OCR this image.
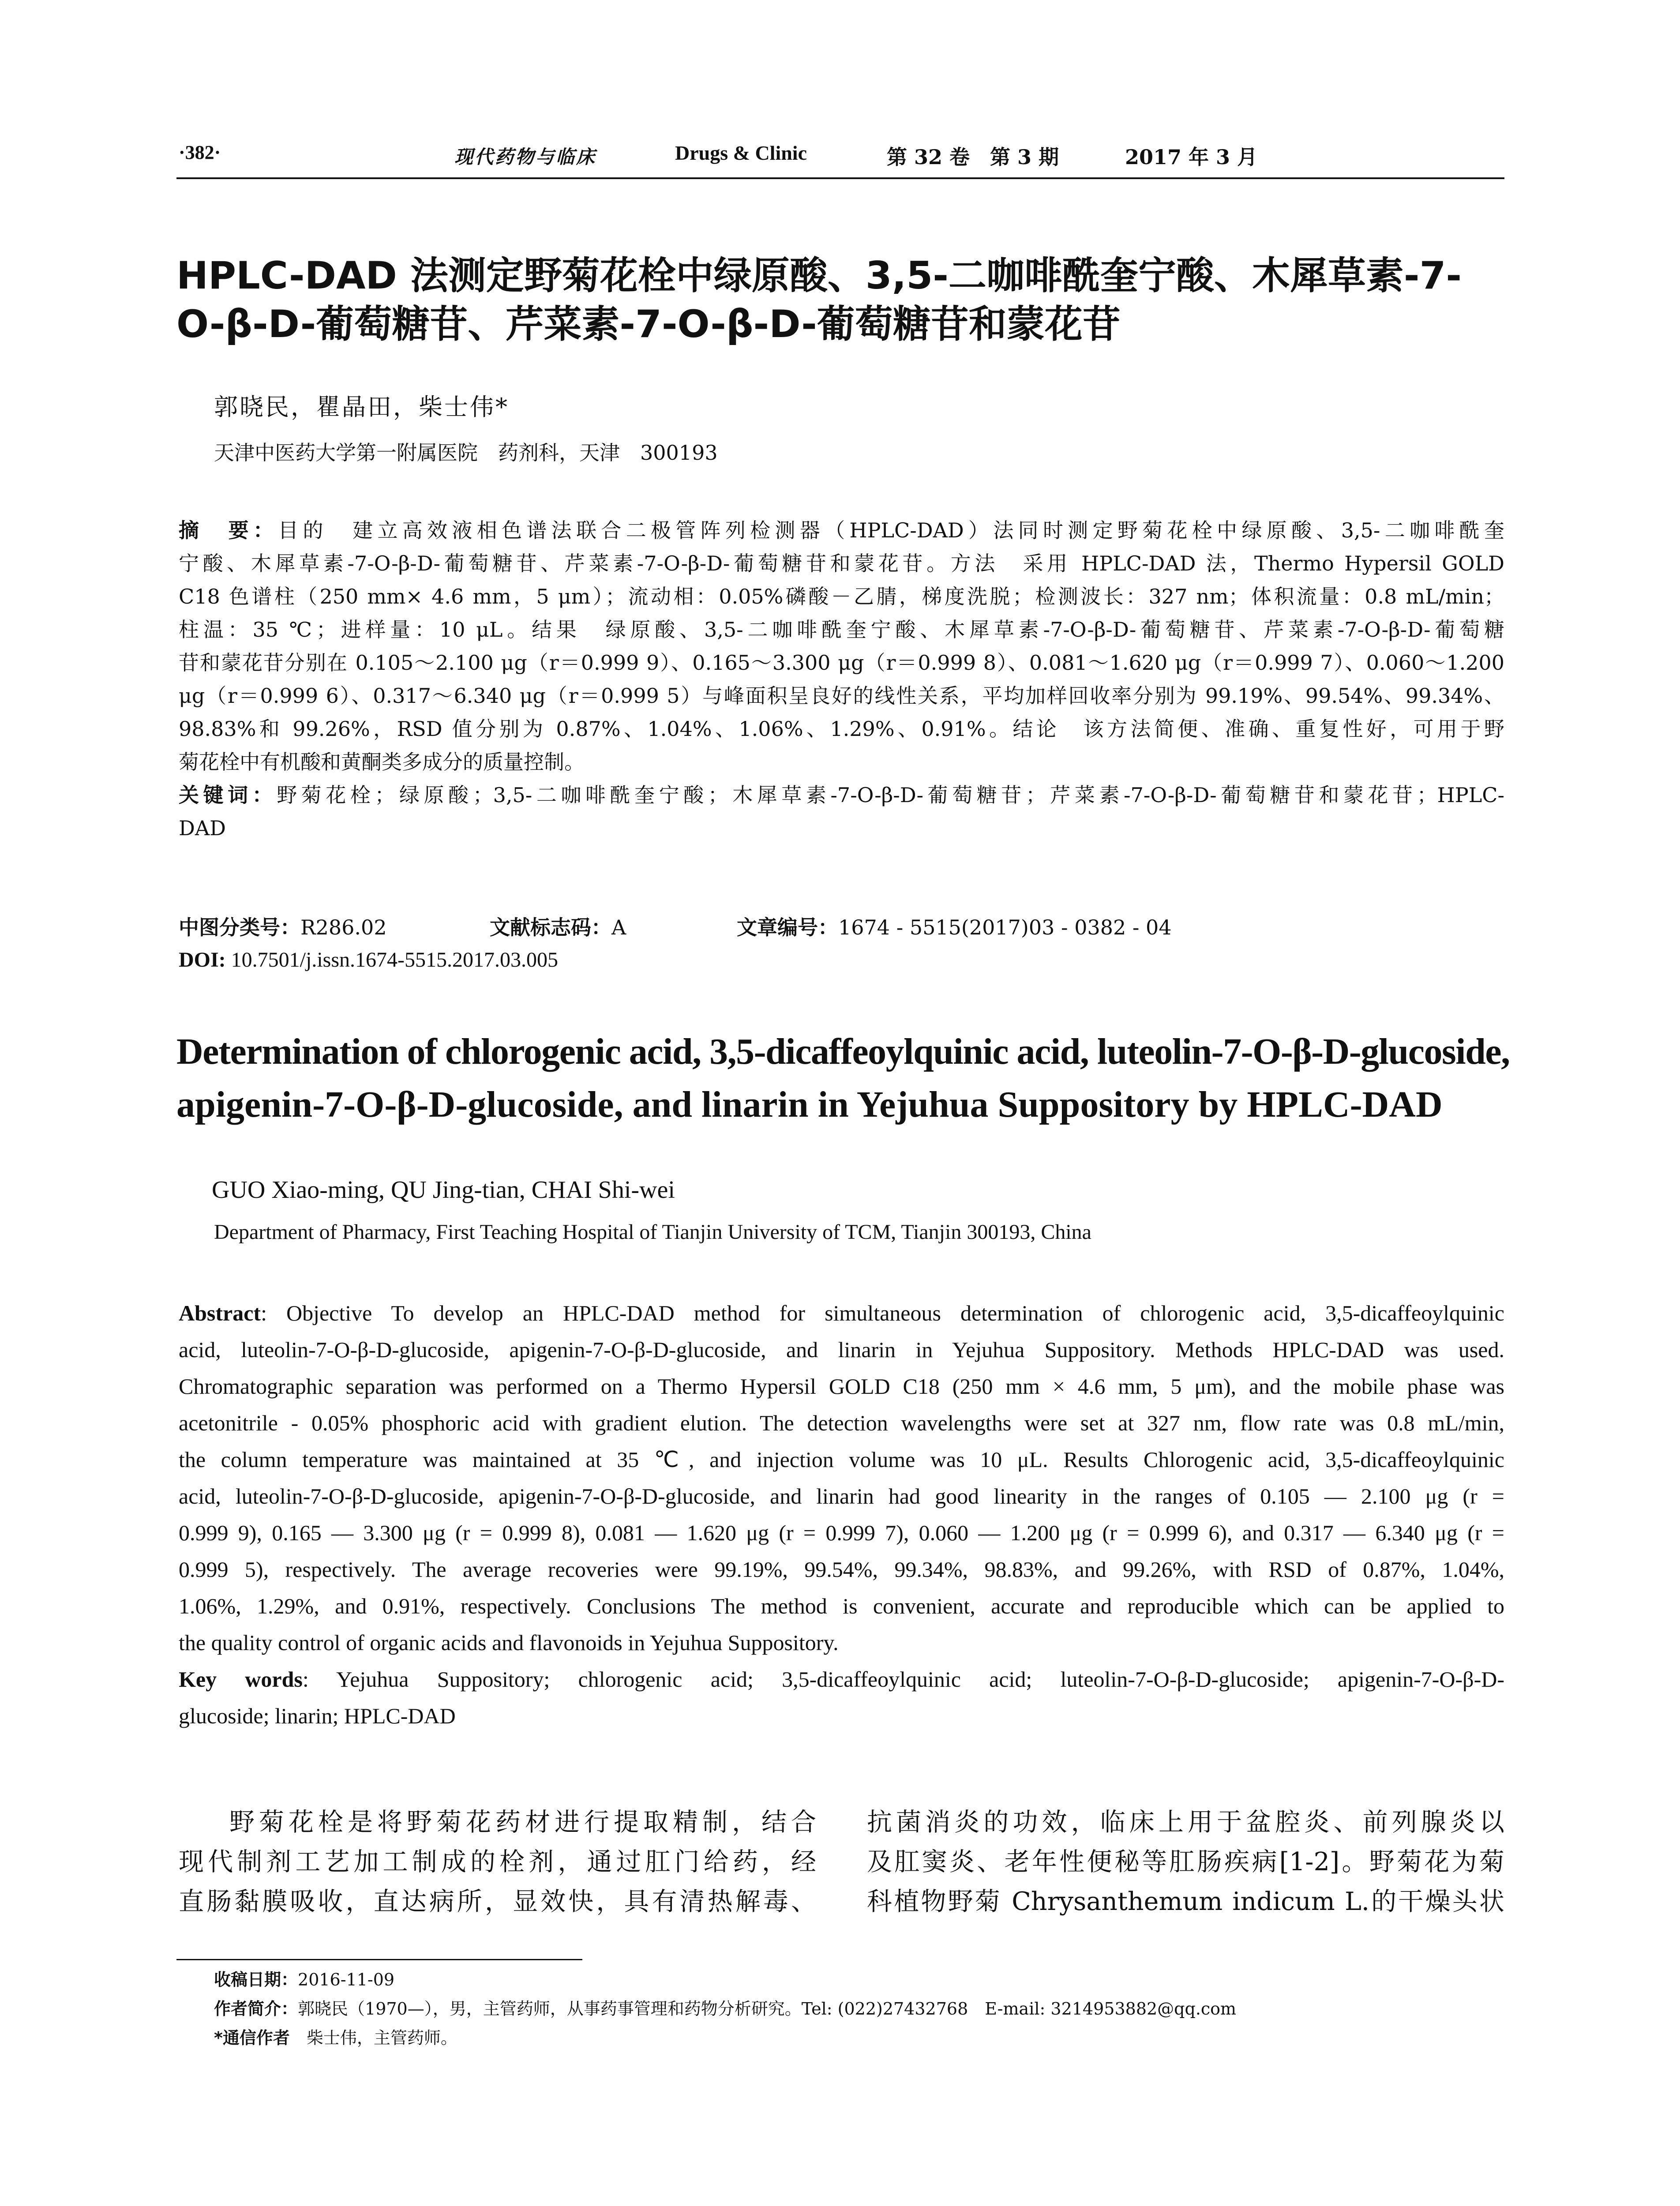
·382·	现代药物与临床	Drugs & Clinic	第 32 卷　第 3 期	2017 年 3 月
HPLC-DAD 法测定野菊花栓中绿原酸、3,5-二咖啡酰奎宁酸、木犀草素-7-
O-β-D-葡萄糖苷、芹菜素-7-O-β-D-葡萄糖苷和蒙花苷
郭晓民，瞿晶田，柴士伟*
天津中医药大学第一附属医院　药剂科，天津　300193
摘　要：目的　建立高效液相色谱法联合二极管阵列检测器（HPLC-DAD）法同时测定野菊花栓中绿原酸、3,5-二咖啡酰奎
宁酸、木犀草素-7-O-β-D-葡萄糖苷、芹菜素-7-O-β-D-葡萄糖苷和蒙花苷。方法　采用 HPLC-DAD 法，Thermo Hypersil GOLD
C18 色谱柱（250 mm× 4.6 mm，5 μm）；流动相：0.05%磷酸－乙腈，梯度洗脱；检测波长：327 nm；体积流量：0.8 mL/min；
柱温：35 ℃；进样量：10 μL。结果　绿原酸、3,5-二咖啡酰奎宁酸、木犀草素-7-O-β-D-葡萄糖苷、芹菜素-7-O-β-D-葡萄糖
苷和蒙花苷分别在 0.105～2.100 μg（r＝0.999 9）、0.165～3.300 μg（r＝0.999 8）、0.081～1.620 μg（r＝0.999 7）、0.060～1.200
μg（r＝0.999 6）、0.317～6.340 μg（r＝0.999 5）与峰面积呈良好的线性关系，平均加样回收率分别为 99.19%、99.54%、99.34%、
98.83%和 99.26%，RSD 值分别为 0.87%、1.04%、1.06%、1.29%、0.91%。结论　该方法简便、准确、重复性好，可用于野
菊花栓中有机酸和黄酮类多成分的质量控制。
关键词：野菊花栓；绿原酸；3,5-二咖啡酰奎宁酸；木犀草素-7-O-β-D-葡萄糖苷；芹菜素-7-O-β-D-葡萄糖苷和蒙花苷；HPLC-
DAD
中图分类号：R286.02	文献标志码：A	文章编号：1674 - 5515(2017)03 - 0382 - 04
DOI: 10.7501/j.issn.1674-5515.2017.03.005
Determination of chlorogenic acid, 3,5-dicaffeoylquinic acid, luteolin-7-O-β-D-glucoside,
apigenin-7-O-β-D-glucoside, and linarin in Yejuhua Suppository by HPLC-DAD
GUO Xiao-ming, QU Jing-tian, CHAI Shi-wei
Department of Pharmacy, First Teaching Hospital of Tianjin University of TCM, Tianjin 300193, China
Abstract: Objective To develop an HPLC-DAD method for simultaneous determination of chlorogenic acid, 3,5-dicaffeoylquinic
acid, luteolin-7-O-β-D-glucoside, apigenin-7-O-β-D-glucoside, and linarin in Yejuhua Suppository. Methods HPLC-DAD was used.
Chromatographic separation was performed on a Thermo Hypersil GOLD C18 (250 mm × 4.6 mm, 5 μm), and the mobile phase was
acetonitrile - 0.05% phosphoric acid with gradient elution. The detection wavelengths were set at 327 nm, flow rate was 0.8 mL/min,
the column temperature was maintained at 35 ℃, and injection volume was 10 μL. Results Chlorogenic acid, 3,5-dicaffeoylquinic
acid, luteolin-7-O-β-D-glucoside, apigenin-7-O-β-D-glucoside, and linarin had good linearity in the ranges of 0.105 — 2.100 μg (r =
0.999 9), 0.165 — 3.300 μg (r = 0.999 8), 0.081 — 1.620 μg (r = 0.999 7), 0.060 — 1.200 μg (r = 0.999 6), and 0.317 — 6.340 μg (r =
0.999 5), respectively. The average recoveries were 99.19%, 99.54%, 99.34%, 98.83%, and 99.26%, with RSD of 0.87%, 1.04%,
1.06%, 1.29%, and 0.91%, respectively. Conclusions The method is convenient, accurate and reproducible which can be applied to
the quality control of organic acids and flavonoids in Yejuhua Suppository.
Key words: Yejuhua Suppository; chlorogenic acid; 3,5-dicaffeoylquinic acid; luteolin-7-O-β-D-glucoside; apigenin-7-O-β-D-
glucoside; linarin; HPLC-DAD
野菊花栓是将野菊花药材进行提取精制，结合
现代制剂工艺加工制成的栓剂，通过肛门给药，经
直肠黏膜吸收，直达病所，显效快，具有清热解毒、
抗菌消炎的功效，临床上用于盆腔炎、前列腺炎以
及肛窦炎、老年性便秘等肛肠疾病[1-2]。野菊花为菊
科植物野菊 Chrysanthemum indicum L.的干燥头状
收稿日期：2016-11-09
作者简介：郭晓民（1970—），男，主管药师，从事药事管理和药物分析研究。Tel: (022)27432768　E-mail: 3214953882@qq.com
*通信作者　 柴士伟，主管药师。
